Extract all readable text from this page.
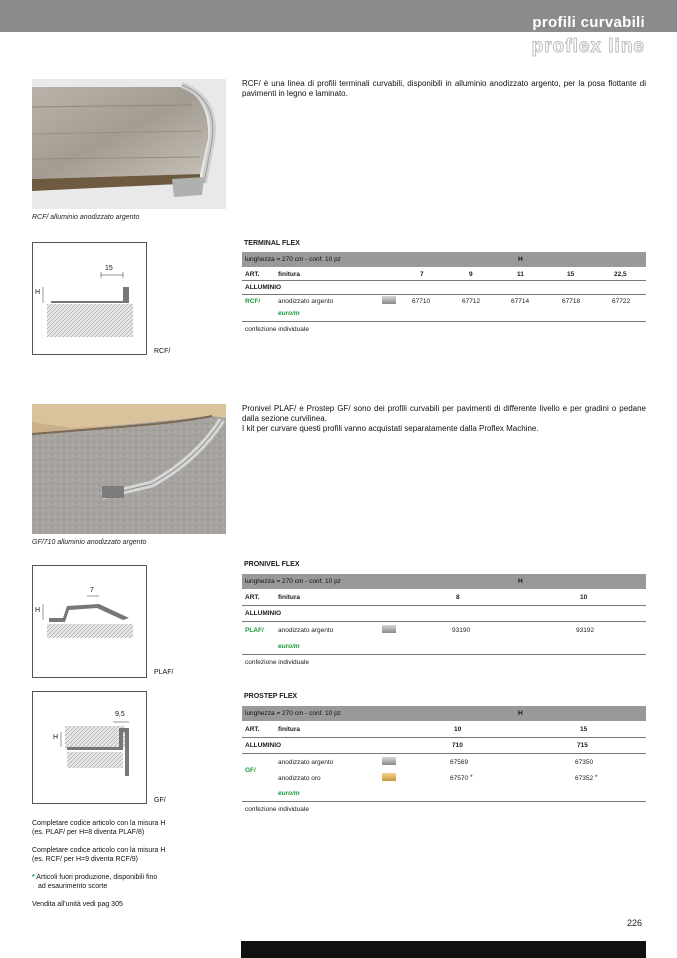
profili curvabili
proflex line
RCF/ alluminio anodizzato argento
RCF/ è una linea di profili terminali curvabili, disponibili in alluminio anodizzato argento, per la posa flottante di pavimenti in legno e laminato.
15
H
RCF/
TERMINAL FLEX
lunghezza = 270 cm - conf. 10 pz	H
ART.	finitura	7	9	11	15	22,5
ALLUMINIO
RCF/	anodizzato argento	67710	67712	67714	67718	67722
euro/m
confezione individuale
GF/710 alluminio anodizzato argento
Pronivel PLAF/ e Prostep GF/ sono dei profili curvabili per pavimenti di differente livello e per gradini o pedane dalla sezione curvilinea.
I kit per curvare questi profili vanno acquistati separatamente dalla Proflex Machine.
7
H
PLAF/
PRONIVEL FLEX
lunghezza = 270 cm - conf. 10 pz	H
ART.	finitura	8	10
ALLUMINIO
PLAF/ anodizzato argento	93190	93192
euro/m
confezione individuale
9,5
H
GF/
PROSTEP FLEX
lunghezza = 270 cm - conf. 10 pz	H
ART.	finitura	10	15
ALLUMINIO	710	715
GF/
anodizzato argento	67569	67350
anodizzato oro	67570 *	67352 *
euro/m
confezione individuale
Completare codice articolo con la misura H
(es. PLAF/ per H=8 diventa PLAF/8)
Completare codice articolo con la misura H
(es. RCF/ per H=9 diventa RCF/9)
* Articoli fuori produzione, disponibili fino
ad esaurimento scorte
Vendita all'unità vedi pag 305
226
